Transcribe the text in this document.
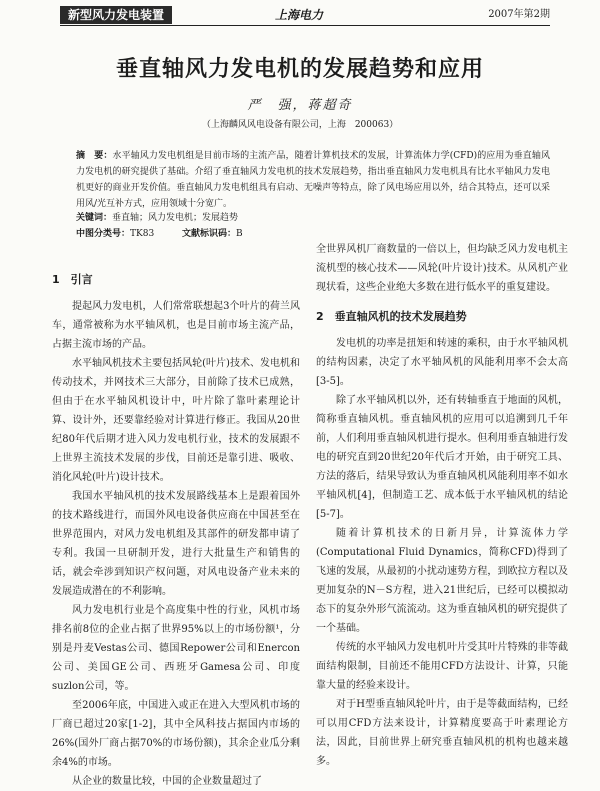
新型风力发电装置	上海电力	2007年第2期
垂直轴风力发电机的发展趋势和应用
严　强，蒋超奇
（上海麟风风电设备有限公司，上海　200063）
摘　要：水平轴风力发电机组是目前市场的主流产品，随着计算机技术的发展，计算流体力学(CFD)的应用为垂直轴风力发电机的研究提供了基础。介绍了垂直轴风力发电机的技术发展趋势，指出垂直轴风力发电机具有比水平轴风力发电机更好的商业开发价值。垂直轴风力发电机组具有启动、无噪声等特点，除了风电场应用以外，结合其特点，还可以采用风/光互补方式，应用领域十分宽广。
关键词：垂直轴；风力发电机；发展趋势
中图分类号：TK83	文献标识码：B
1　引言

提起风力发电机，人们常常联想起3个叶片的荷兰风车，通常被称为水平轴风机，也是目前市场主流产品，占据主流市场的产品。

水平轴风机技术主要包括风轮(叶片)技术、发电机和传动技术，并网技术三大部分，目前除了技术已成熟，但由于在水平轴风机设计中，叶片除了靠叶素理论计算、设计外，还要靠经验对计算进行修正。我国从20世纪80年代后期才进入风力发电机行业，技术的发展跟不上世界主流技术发展的步伐，目前还是靠引进、吸收、消化风轮(叶片)设计技术。

我国水平轴风机的技术发展路线基本上是跟着国外的技术路线进行，而国外风电设备供应商在中国甚至在世界范围内，对风力发电机组及其部件的研发都申请了专利。我国一旦研制开发，进行大批量生产和销售的话，就会牵涉到知识产权问题，对风电设备产业未来的发展造成潜在的不利影响。

风力发电机行业是个高度集中性的行业，风机市场排名前8位的企业占据了世界95%以上的市场份额¹，分别是丹麦Vestas公司、德国Repower公司和Enercon公司、美国GE公司、西班牙Gamesa公司、印度suzlon公司，等。

至2006年底，中国进入或正在进入大型风机市场的厂商已超过20家[1-2]，其中全风科技占据国内市场的26%(国外厂商占据70%的市场份额)，其余企业瓜分剩余4%的市场。

从企业的数量比较，中国的企业数量超过了

全世界风机厂商数量的一倍以上，但均缺乏风力发电机主流机型的核心技术——风轮(叶片设计)技术。从风机产业现状看，这些企业绝大多数在进行低水平的重复建设。

2　垂直轴风机的技术发展趋势

发电机的功率是扭矩和转速的乘积，由于水平轴风机的结构因素，决定了水平轴风机的风能利用率不会太高[3-5]。

除了水平轴风机以外，还有转轴垂直于地面的风机，简称垂直轴风机。垂直轴风机的应用可以追溯到几千年前，人们利用垂直轴风机进行提水。但利用垂直轴进行发电的研究直到20世纪20年代后才开始，由于研究工具、方法的落后，结果导致认为垂直轴风机风能利用率不如水平轴风机[4]，但制造工艺、成本低于水平轴风机的结论[5-7]。

随着计算机技术的日新月异，计算流体力学(Computational Fluid Dynamics，简称CFD)得到了飞速的发展，从最初的小扰动速势方程，到欧拉方程以及更加复杂的N－S方程，进入21世纪后，已经可以模拟动态下的复杂外形气流流动。这为垂直轴风机的研究提供了一个基础。

传统的水平轴风力发电机叶片受其叶片特殊的非等截面结构限制，目前还不能用CFD方法设计、计算，只能靠大量的经验来设计。

对于H型垂直轴风轮叶片，由于是等截面结构，已经可以用CFD方法来设计，计算精度要高于叶素理论方法，因此，目前世界上研究垂直轴风机的机构也越来越多。
